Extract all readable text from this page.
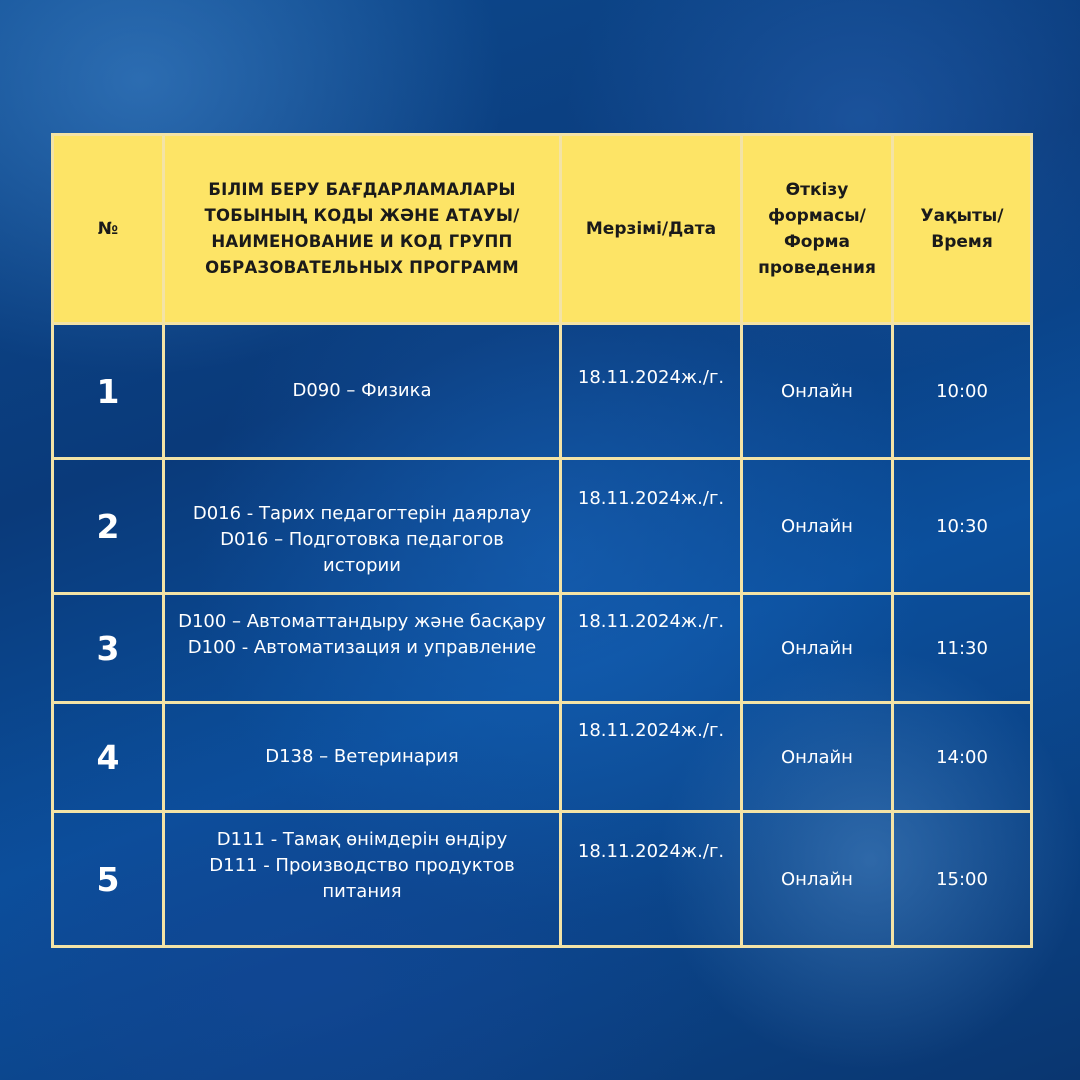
№	БІЛІМ БЕРУ БАҒДАРЛАМАЛАРЫ
ТОБЫНЫҢ КОДЫ ЖӘНЕ АТАУЫ/
НАИМЕНОВАНИЕ И КОД ГРУПП
ОБРАЗОВАТЕЛЬНЫХ ПРОГРАММ	Мерзімі/Дата	Өткізу
формасы/
Форма
проведения	Уақыты/
Время

1	D090 – Физика	18.11.2024ж./г.	Онлайн	10:00
2	D016 - Тарих педагогтерін даярлау
D016 – Подготовка педагогов
истории	18.11.2024ж./г.	Онлайн	10:30
3	D100 – Автоматтандыру және басқару
D100 - Автоматизация и управление	18.11.2024ж./г.	Онлайн	11:30
4	D138 – Ветеринария	18.11.2024ж./г.	Онлайн	14:00
5	D111 - Тамақ өнімдерін өндіру
D111 - Производство продуктов
питания	18.11.2024ж./г.	Онлайн	15:00
